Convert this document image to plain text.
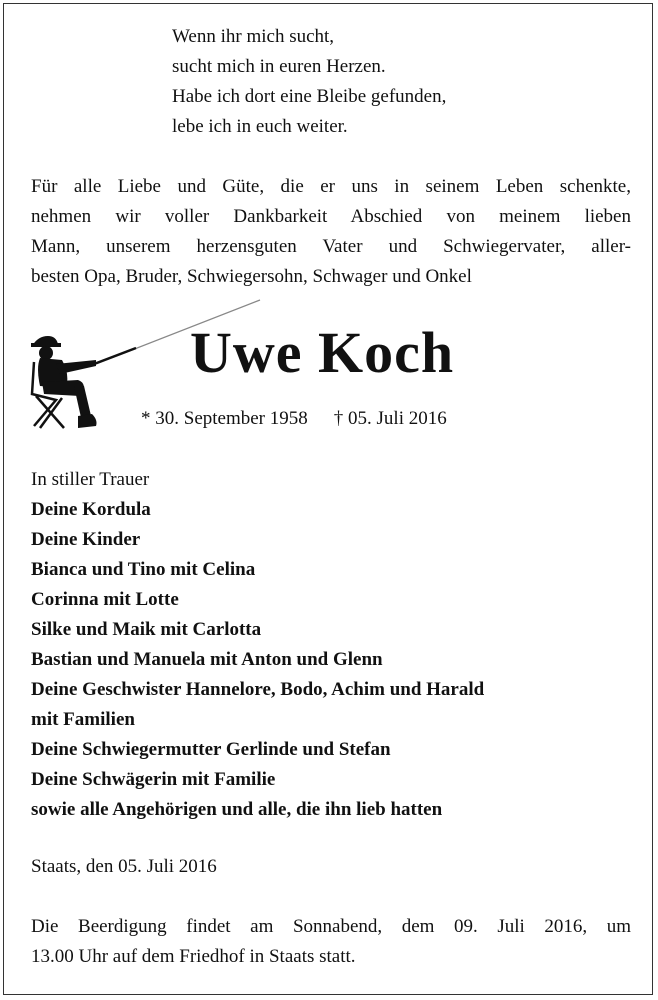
Wenn ihr mich sucht,
sucht mich in euren Herzen.
Habe ich dort eine Bleibe gefunden,
lebe ich in euch weiter.
Für alle Liebe und Güte, die er uns in seinem Leben schenkte,
nehmen wir voller Dankbarkeit Abschied von meinem lieben
Mann, unserem herzensguten Vater und Schwiegervater, aller-
besten Opa, Bruder, Schwiegersohn, Schwager und Onkel
Uwe Koch
* 30. September 1958 † 05. Juli 2016
In stiller Trauer
Deine Kordula
Deine Kinder
Bianca und Tino mit Celina
Corinna mit Lotte
Silke und Maik mit Carlotta
Bastian und Manuela mit Anton und Glenn
Deine Geschwister Hannelore, Bodo, Achim und Harald
mit Familien
Deine Schwiegermutter Gerlinde und Stefan
Deine Schwägerin mit Familie
sowie alle Angehörigen und alle, die ihn lieb hatten
Staats, den 05. Juli 2016
Die Beerdigung findet am Sonnabend, dem 09. Juli 2016, um
13.00 Uhr auf dem Friedhof in Staats statt.
